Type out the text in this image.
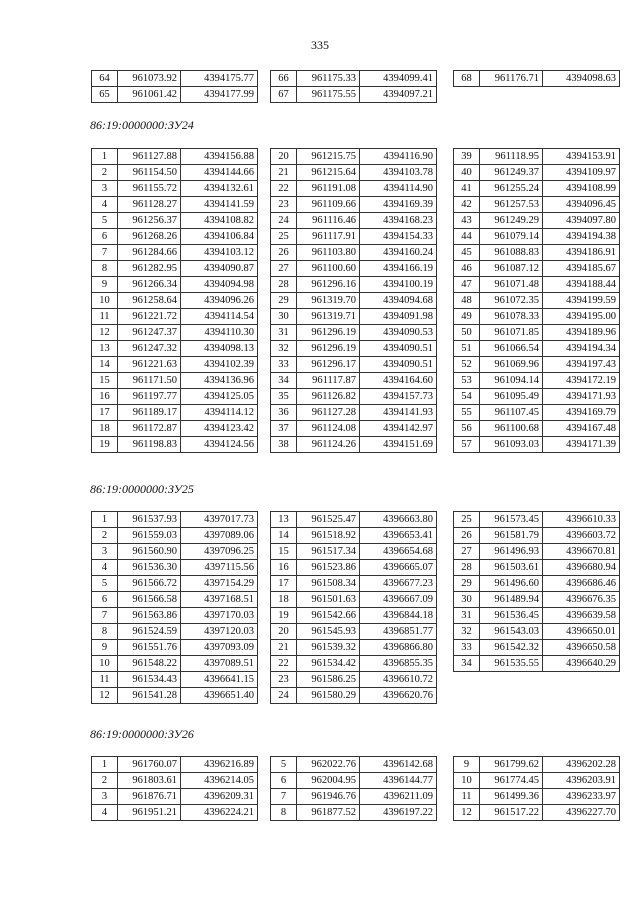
335
86:19:0000000:ЗУ24
86:19:0000000:ЗУ25
86:19:0000000:ЗУ26
64	961073.92	4394175.77
65	961061.42	4394177.99
66	961175.33	4394099.41
67	961175.55	4394097.21
68	961176.71	4394098.63
1	961127.88	4394156.88
2	961154.50	4394144.66
3	961155.72	4394132.61
4	961128.27	4394141.59
5	961256.37	4394108.82
6	961268.26	4394106.84
7	961284.66	4394103.12
8	961282.95	4394090.87
9	961266.34	4394094.98
10	961258.64	4394096.26
11	961221.72	4394114.54
12	961247.37	4394110.30
13	961247.32	4394098.13
14	961221.63	4394102.39
15	961171.50	4394136.96
16	961197.77	4394125.05
17	961189.17	4394114.12
18	961172.87	4394123.42
19	961198.83	4394124.56
20	961215.75	4394116.90
21	961215.64	4394103.78
22	961191.08	4394114.90
23	961109.66	4394169.39
24	961116.46	4394168.23
25	961117.91	4394154.33
26	961103.80	4394160.24
27	961100.60	4394166.19
28	961296.16	4394100.19
29	961319.70	4394094.68
30	961319.71	4394091.98
31	961296.19	4394090.53
32	961296.19	4394090.51
33	961296.17	4394090.51
34	961117.87	4394164.60
35	961126.82	4394157.73
36	961127.28	4394141.93
37	961124.08	4394142.97
38	961124.26	4394151.69
39	961118.95	4394153.91
40	961249.37	4394109.97
41	961255.24	4394108.99
42	961257.53	4394096.45
43	961249.29	4394097.80
44	961079.14	4394194.38
45	961088.83	4394186.91
46	961087.12	4394185.67
47	961071.48	4394188.44
48	961072.35	4394199.59
49	961078.33	4394195.00
50	961071.85	4394189.96
51	961066.54	4394194.34
52	961069.96	4394197.43
53	961094.14	4394172.19
54	961095.49	4394171.93
55	961107.45	4394169.79
56	961100.68	4394167.48
57	961093.03	4394171.39
1	961537.93	4397017.73
2	961559.03	4397089.06
3	961560.90	4397096.25
4	961536.30	4397115.56
5	961566.72	4397154.29
6	961566.58	4397168.51
7	961563.86	4397170.03
8	961524.59	4397120.03
9	961551.76	4397093.09
10	961548.22	4397089.51
11	961534.43	4396641.15
12	961541.28	4396651.40
13	961525.47	4396663.80
14	961518.92	4396653.41
15	961517.34	4396654.68
16	961523.86	4396665.07
17	961508.34	4396677.23
18	961501.63	4396667.09
19	961542.66	4396844.18
20	961545.93	4396851.77
21	961539.32	4396866.80
22	961534.42	4396855.35
23	961586.25	4396610.72
24	961580.29	4396620.76
25	961573.45	4396610.33
26	961581.79	4396603.72
27	961496.93	4396670.81
28	961503.61	4396680.94
29	961496.60	4396686.46
30	961489.94	4396676.35
31	961536.45	4396639.58
32	961543.03	4396650.01
33	961542.32	4396650.58
34	961535.55	4396640.29
1	961760.07	4396216.89
2	961803.61	4396214.05
3	961876.71	4396209.31
4	961951.21	4396224.21
5	962022.76	4396142.68
6	962004.95	4396144.77
7	961946.76	4396211.09
8	961877.52	4396197.22
9	961799.62	4396202.28
10	961774.45	4396203.91
11	961499.36	4396233.97
12	961517.22	4396227.70
